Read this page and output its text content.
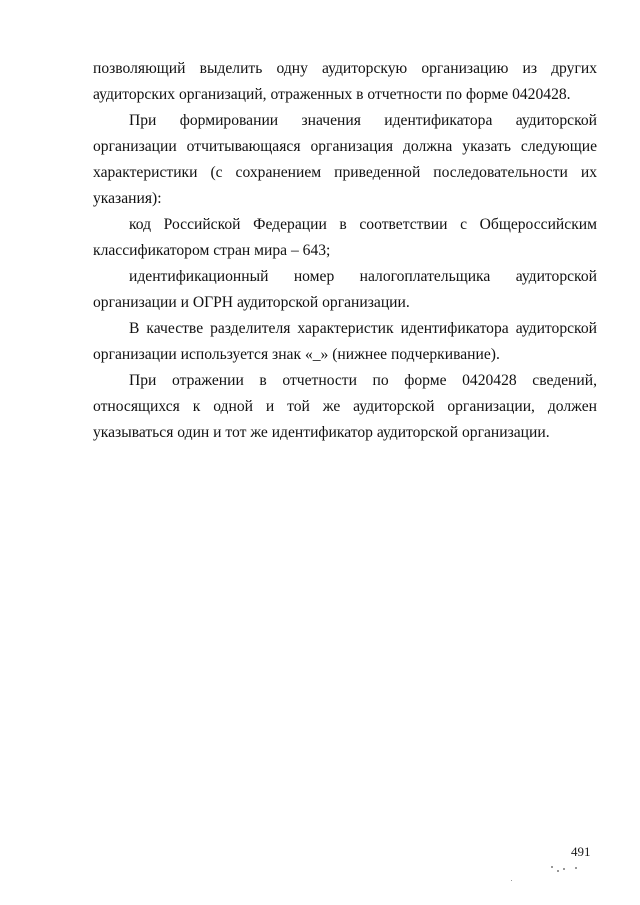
позволяющий выделить одну аудиторскую организацию из других аудиторских организаций, отраженных в отчетности по форме 0420428.

При формировании значения идентификатора аудиторской организации отчитывающаяся организация должна указать следующие характеристики (с сохранением приведенной последовательности их указания):

код Российской Федерации в соответствии с Общероссийским классификатором стран мира – 643;

идентификационный номер налогоплательщика аудиторской организации и ОГРН аудиторской организации.

В качестве разделителя характеристик идентификатора аудиторской организации используется знак «_» (нижнее подчеркивание).

При отражении в отчетности по форме 0420428 сведений, относящихся к одной и той же аудиторской организации, должен указываться один и тот же идентификатор аудиторской организации.

491
